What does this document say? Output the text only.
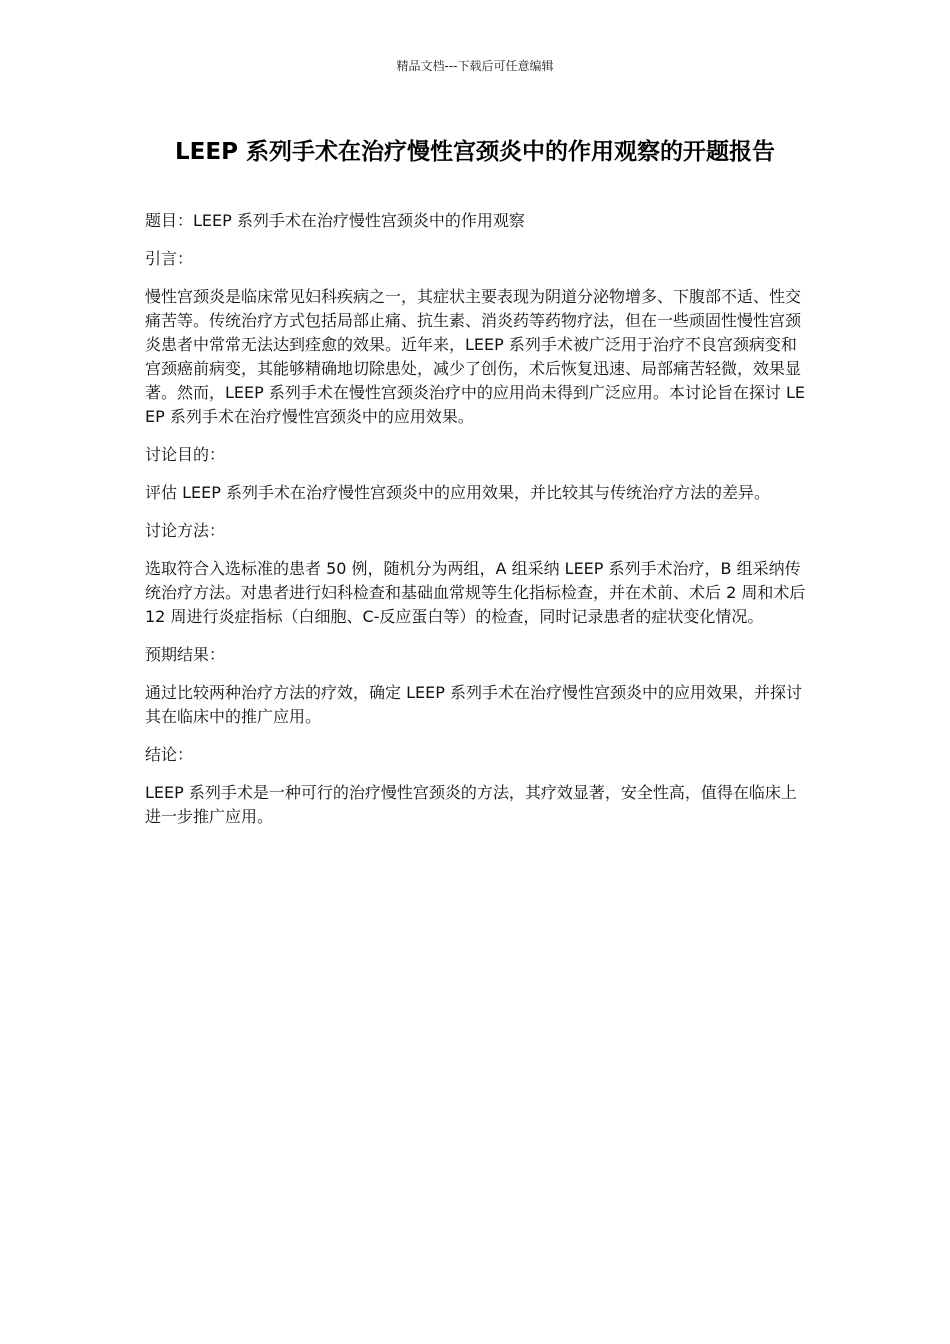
精品文档---下载后可任意编辑
LEEP 系列手术在治疗慢性宫颈炎中的作用观察的开题报告

题目：LEEP 系列手术在治疗慢性宫颈炎中的作用观察

引言：

慢性宫颈炎是临床常见妇科疾病之一，其症状主要表现为阴道分泌物增多、下腹部不适、性交痛苦等。传统治疗方式包括局部止痛、抗生素、消炎药等药物疗法，但在一些顽固性慢性宫颈炎患者中常常无法达到痊愈的效果。近年来，LEEP 系列手术被广泛用于治疗不良宫颈病变和宫颈癌前病变，其能够精确地切除患处，减少了创伤，术后恢复迅速、局部痛苦轻微，效果显著。然而，LEEP 系列手术在慢性宫颈炎治疗中的应用尚未得到广泛应用。本讨论旨在探讨 LEEP 系列手术在治疗慢性宫颈炎中的应用效果。

讨论目的：

评估 LEEP 系列手术在治疗慢性宫颈炎中的应用效果，并比较其与传统治疗方法的差异。

讨论方法：

选取符合入选标准的患者 50 例，随机分为两组，A 组采纳 LEEP 系列手术治疗，B 组采纳传统治疗方法。对患者进行妇科检查和基础血常规等生化指标检查，并在术前、术后 2 周和术后 12 周进行炎症指标（白细胞、C-反应蛋白等）的检查，同时记录患者的症状变化情况。

预期结果：

通过比较两种治疗方法的疗效，确定 LEEP 系列手术在治疗慢性宫颈炎中的应用效果，并探讨其在临床中的推广应用。

结论：

LEEP 系列手术是一种可行的治疗慢性宫颈炎的方法，其疗效显著，安全性高，值得在临床上进一步推广应用。
